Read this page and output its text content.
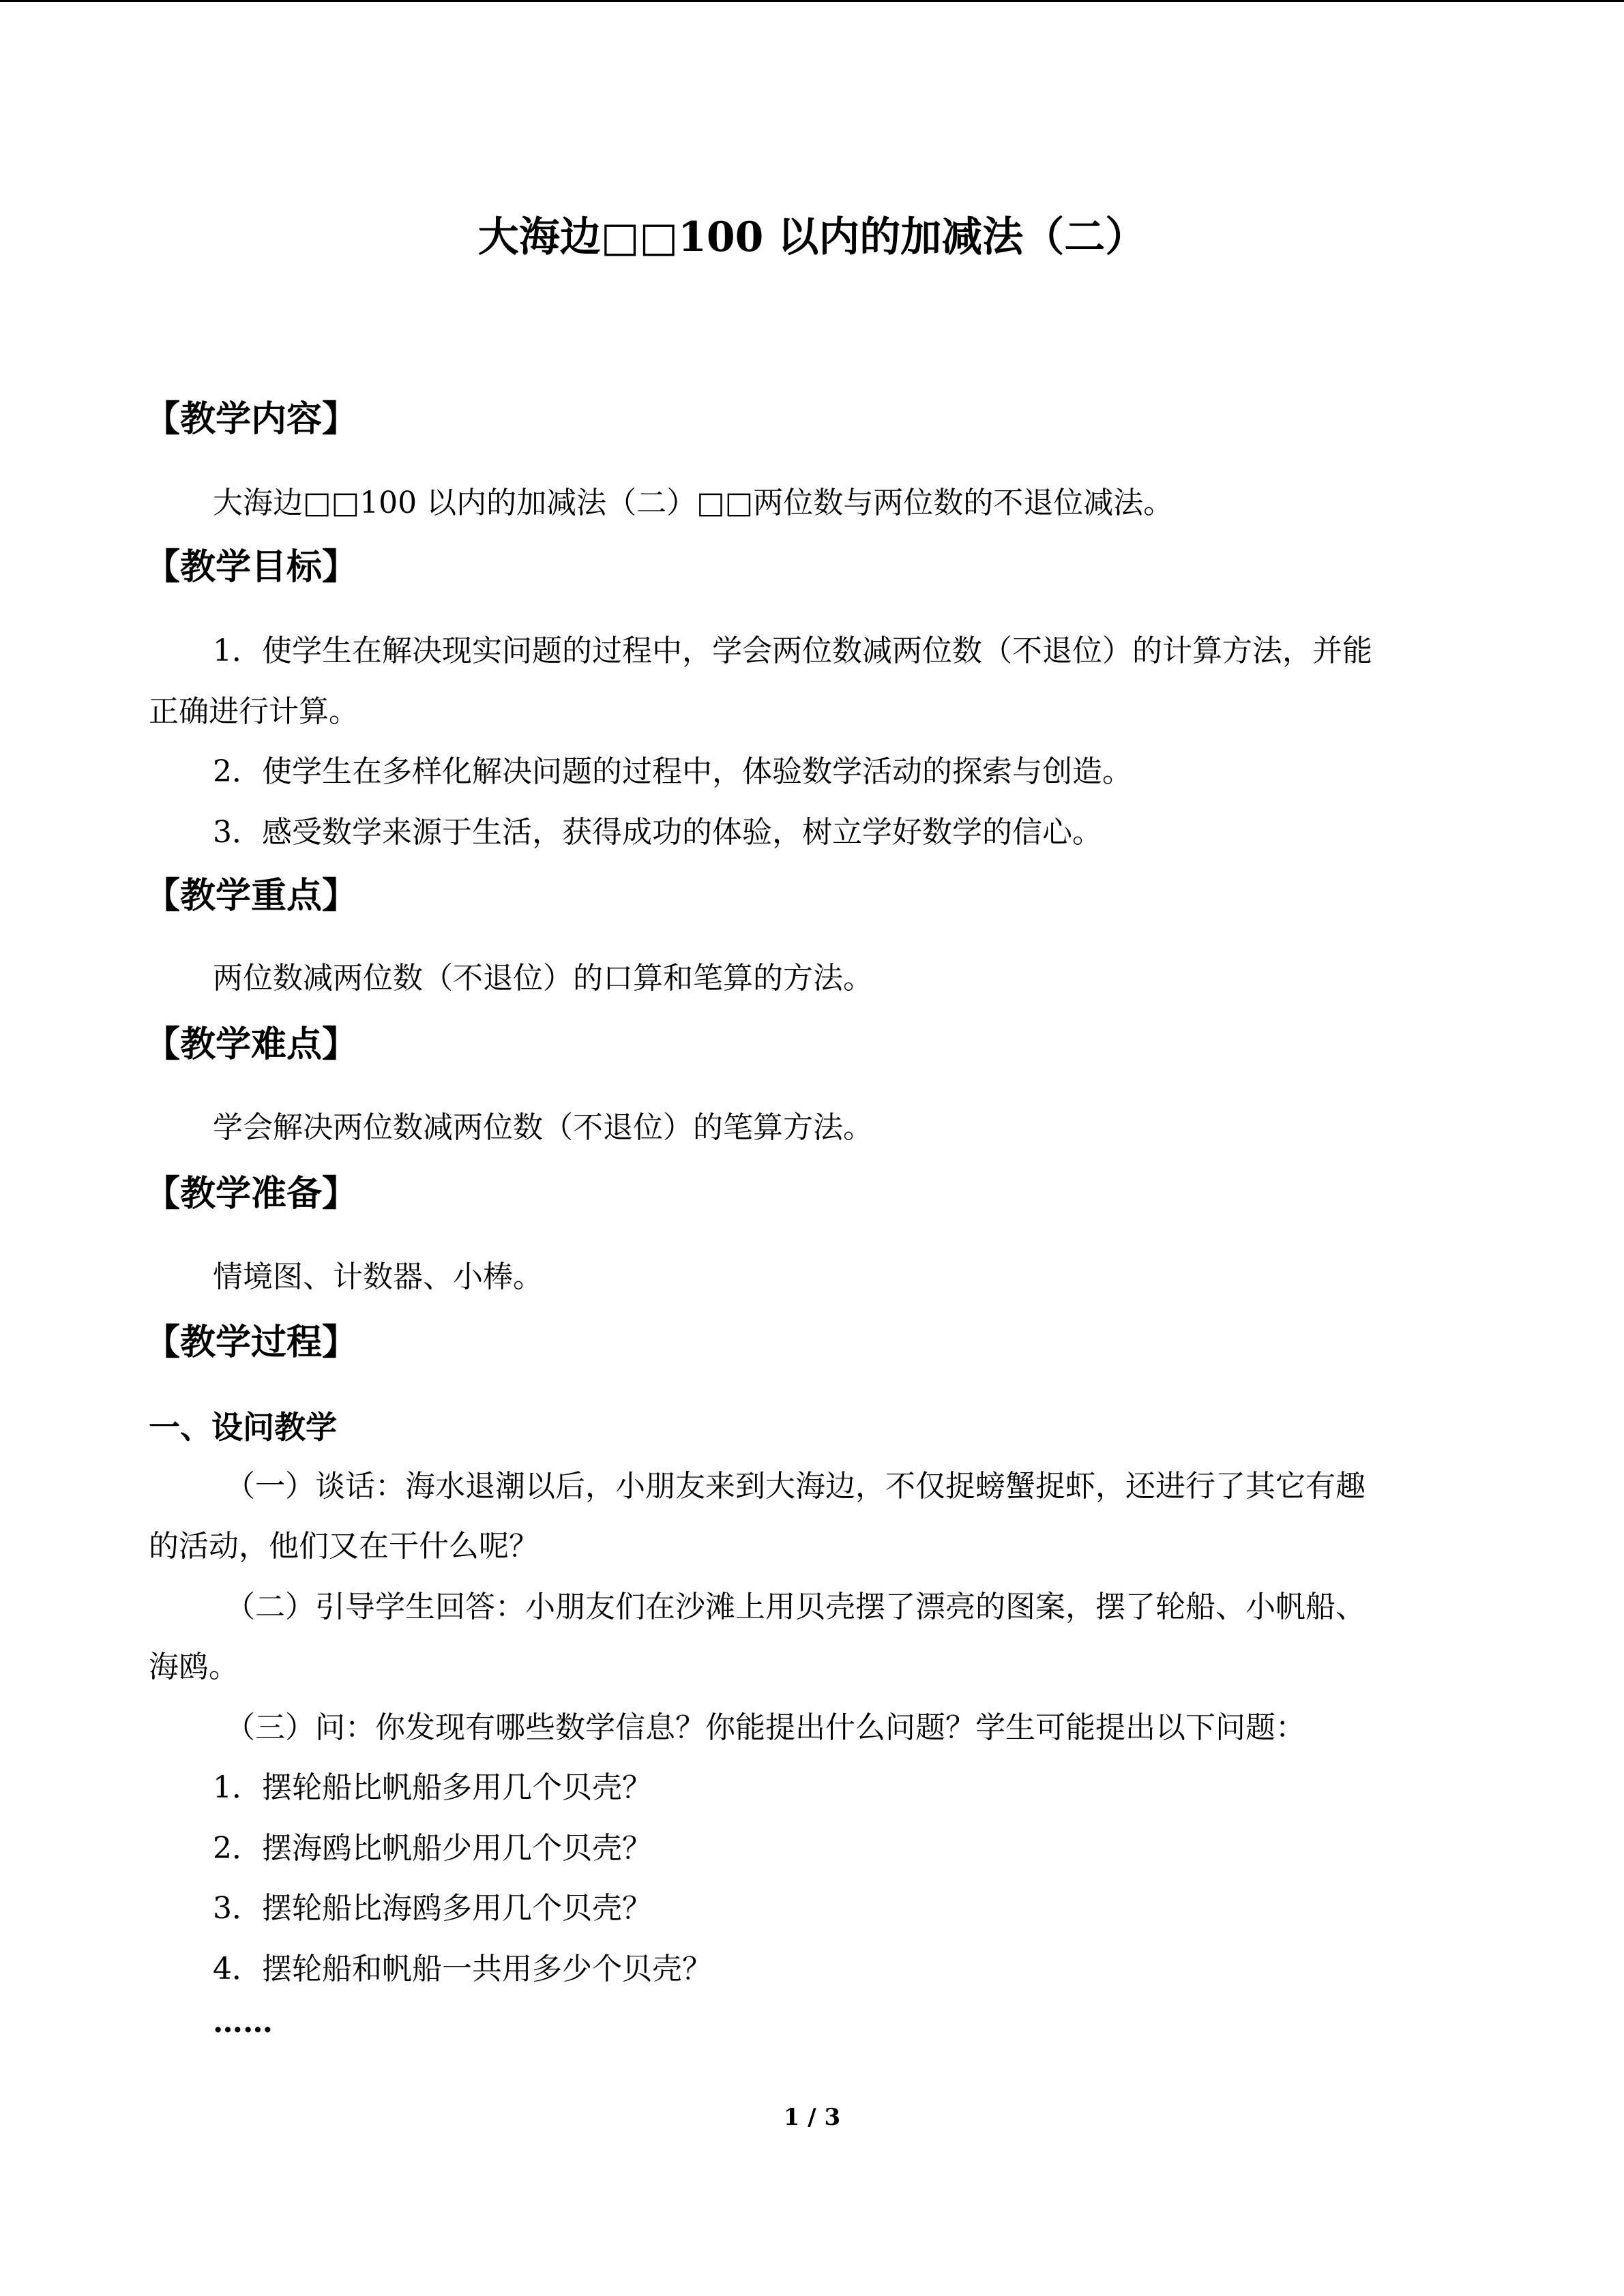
大海边□□100 以内的加减法（二）
【教学内容】
大海边□□100 以内的加减法（二）□□两位数与两位数的不退位减法。
【教学目标】
1．使学生在解决现实问题的过程中，学会两位数减两位数（不退位）的计算方法，并能
正确进行计算。
2．使学生在多样化解决问题的过程中，体验数学活动的探索与创造。
3．感受数学来源于生活，获得成功的体验，树立学好数学的信心。
【教学重点】
两位数减两位数（不退位）的口算和笔算的方法。
【教学难点】
学会解决两位数减两位数（不退位）的笔算方法。
【教学准备】
情境图、计数器、小棒。
【教学过程】
一、设问教学
（一）谈话：海水退潮以后，小朋友来到大海边，不仅捉螃蟹捉虾，还进行了其它有趣
的活动，他们又在干什么呢？
（二）引导学生回答：小朋友们在沙滩上用贝壳摆了漂亮的图案，摆了轮船、小帆船、
海鸥。
（三）问：你发现有哪些数学信息？你能提出什么问题？学生可能提出以下问题：
1．摆轮船比帆船多用几个贝壳？
2．摆海鸥比帆船少用几个贝壳？
3．摆轮船比海鸥多用几个贝壳？
4．摆轮船和帆船一共用多少个贝壳？
……
1 / 3
